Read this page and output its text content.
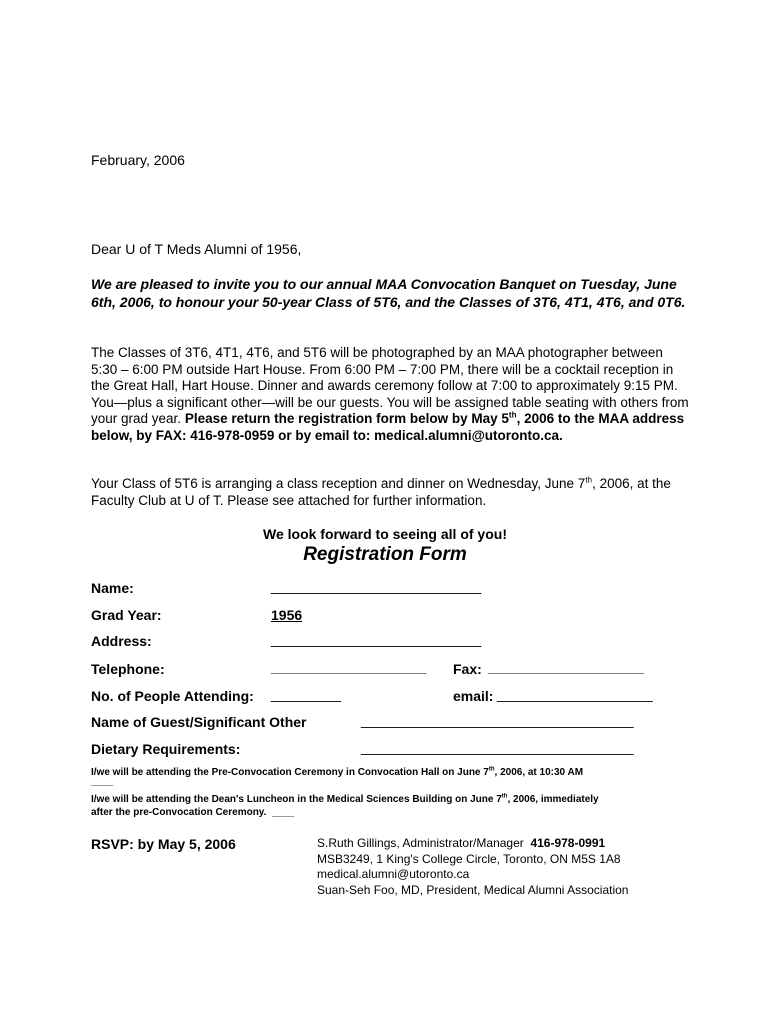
February, 2006
Dear U of T Meds Alumni of 1956,
We are pleased to invite you to our annual MAA Convocation Banquet on Tuesday, June 6th, 2006, to honour your 50-year Class of 5T6, and the Classes of 3T6, 4T1, 4T6, and 0T6.
The Classes of 3T6, 4T1, 4T6, and 5T6 will be photographed by an MAA photographer between 5:30 – 6:00 PM outside Hart House. From 6:00 PM – 7:00 PM, there will be a cocktail reception in the Great Hall, Hart House. Dinner and awards ceremony follow at 7:00 to approximately 9:15 PM. You—plus a significant other—will be our guests. You will be assigned table seating with others from your grad year. Please return the registration form below by May 5th, 2006 to the MAA address below, by FAX: 416-978-0959 or by email to: medical.alumni@utoronto.ca.
Your Class of 5T6 is arranging a class reception and dinner on Wednesday, June 7th, 2006, at the Faculty Club at U of T. Please see attached for further information.
We look forward to seeing all of you!
Registration Form
Name:	___________________________
Grad Year:	1956
Address:	___________________________
Telephone:	____________________ Fax: ____________________
No. of People Attending: _________	email: ____________________
Name of Guest/Significant Other	___________________________________
Dietary Requirements:	___________________________________
I/we will be attending the Pre-Convocation Ceremony in Convocation Hall on June 7th, 2006, at 10:30 AM
____
I/we will be attending the Dean's Luncheon in the Medical Sciences Building on June 7th, 2006, immediately
after the pre-Convocation Ceremony. ____
RSVP: by May 5, 2006	S.Ruth Gillings, Administrator/Manager 416-978-0991
MSB3249, 1 King's College Circle, Toronto, ON M5S 1A8
medical.alumni@utoronto.ca
Suan-Seh Foo, MD, President, Medical Alumni Association
